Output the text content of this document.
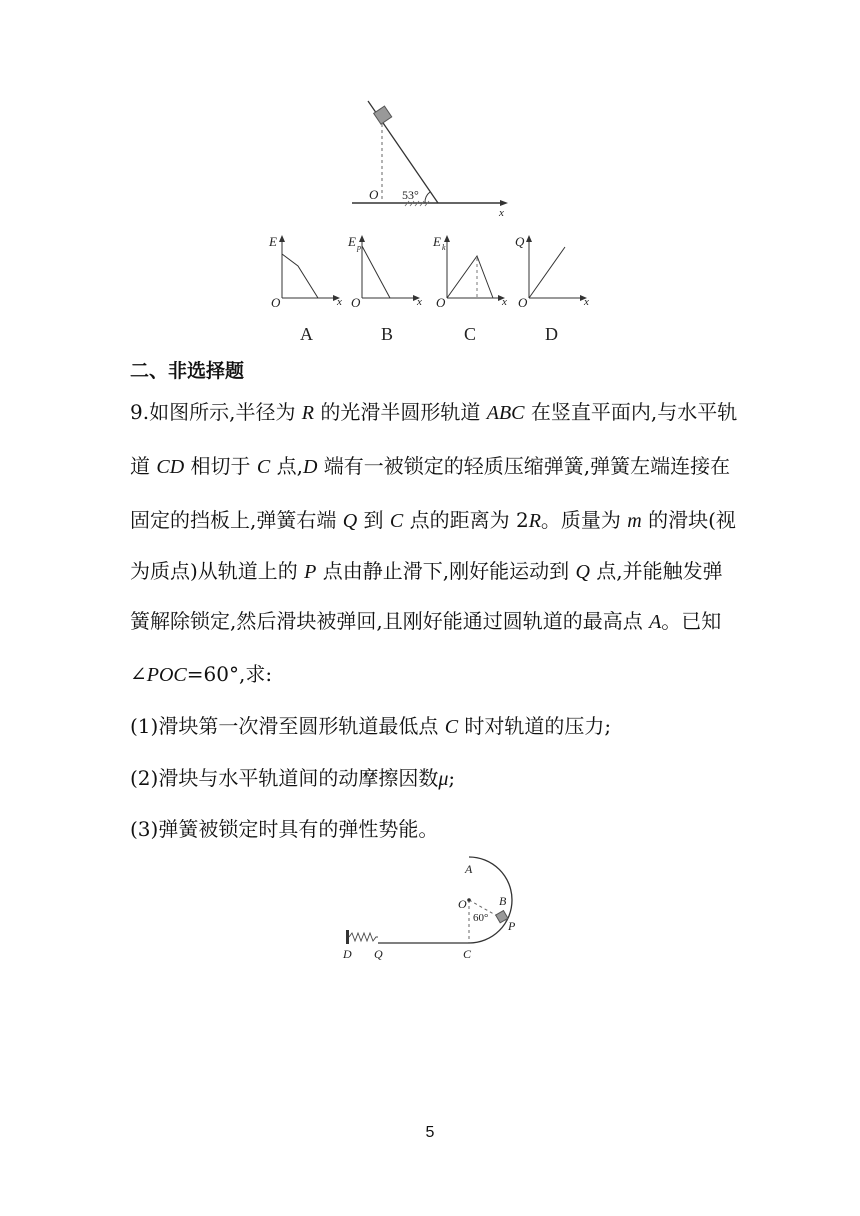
O 53°
x
E
O	x
A
E p
O	x
B
E k
O	x
C
Q
O	x
D
二、非选择题
9.如图所示,半径为 R 的光滑半圆形轨道 ABC 在竖直平面内,与水平轨
道 CD 相切于 C 点,D 端有一被锁定的轻质压缩弹簧,弹簧左端连接在
固定的挡板上,弹簧右端 Q 到 C 点的距离为 2R。质量为 m 的滑块(视
为质点)从轨道上的 P 点由静止滑下,刚好能运动到 Q 点,并能触发弹
簧解除锁定,然后滑块被弹回,且刚好能通过圆轨道的最高点 A。已知
∠POC=60°,求:
(1)滑块第一次滑至圆形轨道最低点 C 时对轨道的压力;
(2)滑块与水平轨道间的动摩擦因数μ;
(3)弹簧被锁定时具有的弹性势能。
A
O	B
P
60°
D Q	C
5
